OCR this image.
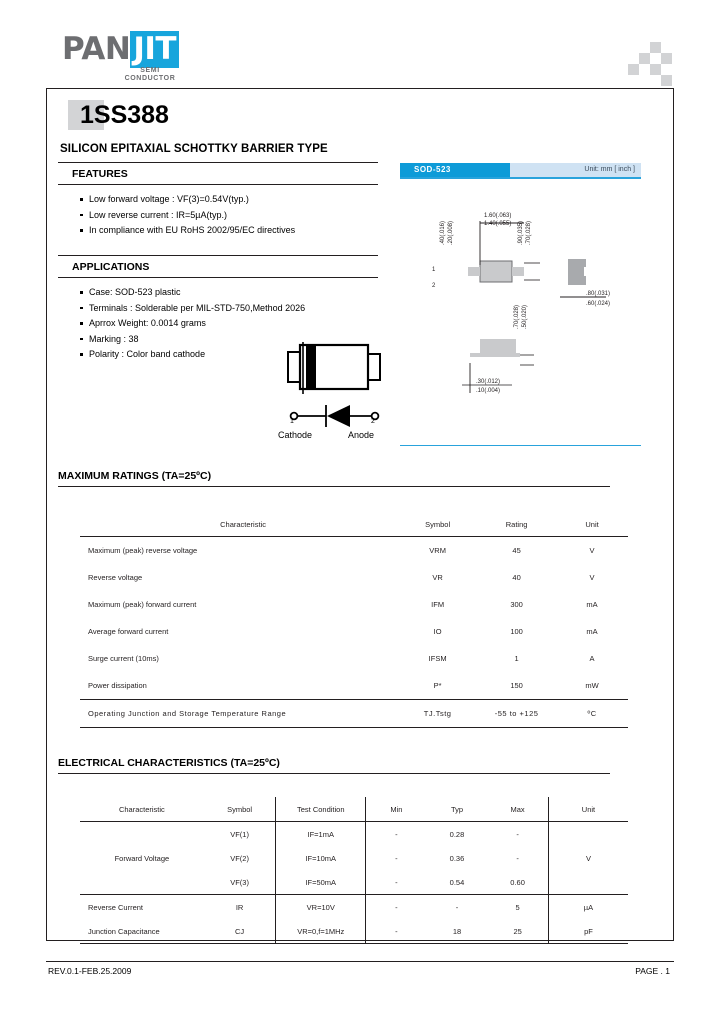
PANJIT
SEMI
CONDUCTOR
1SS388
SILICON EPITAXIAL SCHOTTKY BARRIER TYPE
FEATURES
Low forward voltage : VF(3)=0.54V(typ.)
Low reverse current : IR=5µA(typ.)
In compliance with EU RoHS 2002/95/EC directives
APPLICATIONS
Case: SOD-523 plastic
Terminals : Solderable per MIL-STD-750,Method 2026
Aprrox Weight: 0.0014 grams
Marking : 38
Polarity : Color band cathode
1	2
Cathode	Anode
SOD-523	Unit: mm [ inch ]
1.60(.063)
1.40(.055)
.40(.016) .20(.008)
1
2
.90(.035) .70(.028)
.80(.031)
.60(.024)
.70(.028) .50(.020)
.30(.012)
.10(.004)
MAXIMUM RATINGS (TA=25ºC)
Characteristic	Symbol	Rating	Unit
Maximum (peak) reverse voltage	VRM	45	V
Reverse voltage	VR	40	V
Maximum (peak) forward current	IFM	300	mA
Average forward current	IO	100	mA
Surge current (10ms)	IFSM	1	A
Power dissipation	P*	150	mW
Operating Junction and Storage Temperature Range	TJ.Tstg	-55 to +125	ºC
ELECTRICAL CHARACTERISTICS (TA=25ºC)
Characteristic	Symbol	Test Condition	Min	Typ	Max	Unit
Forward Voltage	VF(1)	IF=1mA	-	0.28	-	V
	VF(2)	IF=10mA	-	0.36	-	
	VF(3)	IF=50mA	-	0.54	0.60	
Reverse Current	IR	VR=10V	-	-	5	µA
Junction Capacitance	CJ	VR=0,f=1MHz	-	18	25	pF
REV.0.1-FEB.25.2009	PAGE . 1
